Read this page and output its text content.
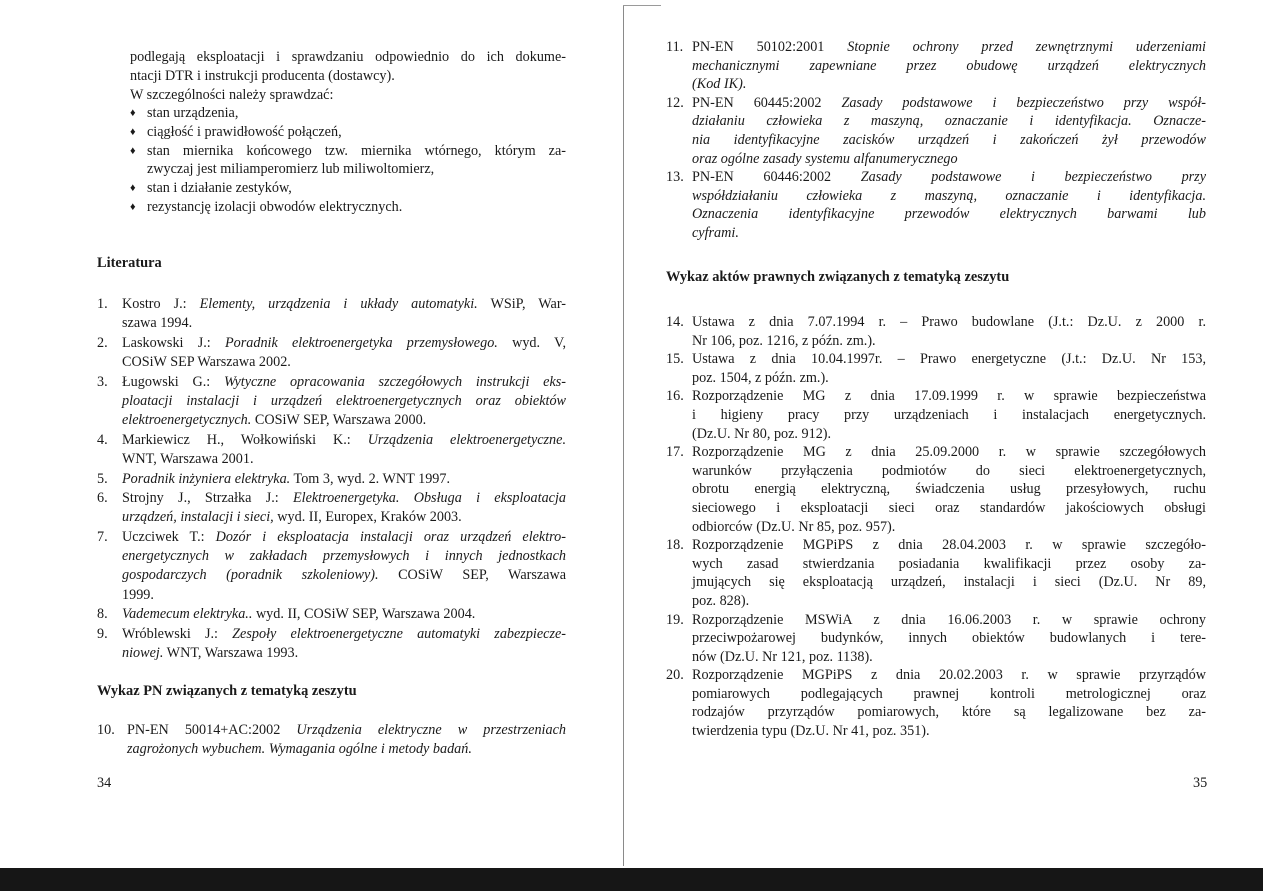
podlegają eksploatacji i sprawdzaniu odpowiednio do ich dokume-
ntacji DTR i instrukcji producenta (dostawcy).
W szczególności należy sprawdzać:
♦ stan urządzenia,
♦ ciągłość i prawidłowość połączeń,
♦ stan miernika końcowego tzw. miernika wtórnego, którym za-
zwyczaj jest miliamperomierz lub miliwoltomierz,
♦ stan i działanie zestyków,
♦ rezystancję izolacji obwodów elektrycznych.
Literatura
1. Kostro J.: Elementy, urządzenia i układy automatyki. WSiP, War-
szawa 1994.
2. Laskowski J.: Poradnik elektroenergetyka przemysłowego. wyd. V,
COSiW SEP Warszawa 2002.
3. Ługowski G.: Wytyczne opracowania szczegółowych instrukcji eks-
ploatacji instalacji i urządzeń elektroenergetycznych oraz obiektów
elektroenergetycznych. COSiW SEP, Warszawa 2000.
4. Markiewicz H., Wołkowiński K.: Urządzenia elektroenergetyczne.
WNT, Warszawa 2001.
5. Poradnik inżyniera elektryka. Tom 3, wyd. 2. WNT 1997.
6. Strojny J., Strzałka J.: Elektroenergetyka. Obsługa i eksploatacja
urządzeń, instalacji i sieci, wyd. II, Europex, Kraków 2003.
7. Uczciwek T.: Dozór i eksploatacja instalacji oraz urządzeń elektro-
energetycznych w zakładach przemysłowych i innych jednostkach
gospodarczych (poradnik szkoleniowy). COSiW SEP, Warszawa
1999.
8. Vademecum elektryka.. wyd. II, COSiW SEP, Warszawa 2004.
9. Wróblewski J.: Zespoły elektroenergetyczne automatyki zabezpiecze-
niowej. WNT, Warszawa 1993.
Wykaz PN związanych z tematyką zeszytu
10. PN-EN 50014+AC:2002 Urządzenia elektryczne w przestrzeniach
zagrożonych wybuchem. Wymagania ogólne i metody badań.
34
11. PN-EN 50102:2001 Stopnie ochrony przed zewnętrznymi uderzeniami
mechanicznymi zapewniane przez obudowę urządzeń elektrycznych
(Kod IK).
12. PN-EN 60445:2002 Zasady podstawowe i bezpieczeństwo przy współ-
działaniu człowieka z maszyną, oznaczanie i identyfikacja. Oznacze-
nia identyfikacyjne zacisków urządzeń i zakończeń żył przewodów
oraz ogólne zasady systemu alfanumerycznego
13. PN-EN 60446:2002 Zasady podstawowe i bezpieczeństwo przy
współdziałaniu człowieka z maszyną, oznaczanie i identyfikacja.
Oznaczenia identyfikacyjne przewodów elektrycznych barwami lub
cyframi.
Wykaz aktów prawnych związanych z tematyką zeszytu
14. Ustawa z dnia 7.07.1994 r. – Prawo budowlane (J.t.: Dz.U. z 2000 r.
Nr 106, poz. 1216, z późn. zm.).
15. Ustawa z dnia 10.04.1997r. – Prawo energetyczne (J.t.: Dz.U. Nr 153,
poz. 1504, z późn. zm.).
16. Rozporządzenie MG z dnia 17.09.1999 r. w sprawie bezpieczeństwa
i higieny pracy przy urządzeniach i instalacjach energetycznych.
(Dz.U. Nr 80, poz. 912).
17. Rozporządzenie MG z dnia 25.09.2000 r. w sprawie szczegółowych
warunków przyłączenia podmiotów do sieci elektroenergetycznych,
obrotu energią elektryczną, świadczenia usług przesyłowych, ruchu
sieciowego i eksploatacji sieci oraz standardów jakościowych obsługi
odbiorców (Dz.U. Nr 85, poz. 957).
18. Rozporządzenie MGPiPS z dnia 28.04.2003 r. w sprawie szczegóło-
wych zasad stwierdzania posiadania kwalifikacji przez osoby za-
jmujących się eksploatacją urządzeń, instalacji i sieci (Dz.U. Nr 89,
poz. 828).
19. Rozporządzenie MSWiA z dnia 16.06.2003 r. w sprawie ochrony
przeciwpożarowej budynków, innych obiektów budowlanych i tere-
nów (Dz.U. Nr 121, poz. 1138).
20. Rozporządzenie MGPiPS z dnia 20.02.2003 r. w sprawie przyrządów
pomiarowych podlegających prawnej kontroli metrologicznej oraz
rodzajów przyrządów pomiarowych, które są legalizowane bez za-
twierdzenia typu (Dz.U. Nr 41, poz. 351).
35
